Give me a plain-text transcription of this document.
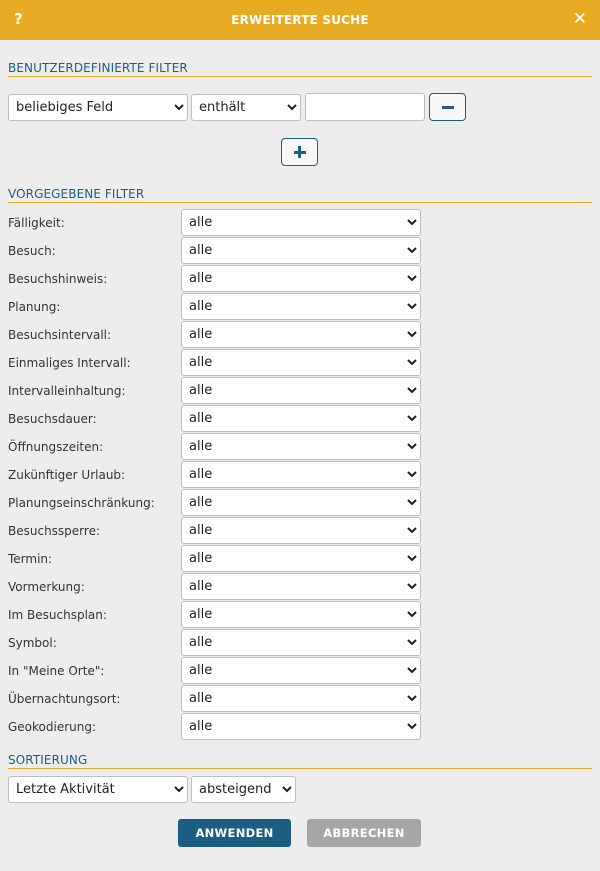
?	ERWEITERTE SUCHE	✕
BENUTZERDEFINIERTE FILTER
beliebiges Feld
enthält
VORGEGEBENE FILTER
Fälligkeit:
alle
Besuch:
alle
Besuchshinweis:
alle
Planung:
alle
Besuchsintervall:
alle
Einmaliges Intervall:
alle
Intervalleinhaltung:
alle
Besuchsdauer:
alle
Öffnungszeiten:
alle
Zukünftiger Urlaub:
alle
Planungseinschränkung:
alle
Besuchssperre:
alle
Termin:
alle
Vormerkung:
alle
Im Besuchsplan:
alle
Symbol:
alle
In "Meine Orte":
alle
Übernachtungsort:
alle
Geokodierung:
alle
SORTIERUNG
Letzte Aktivität
absteigend
ANWENDEN	ABBRECHEN
